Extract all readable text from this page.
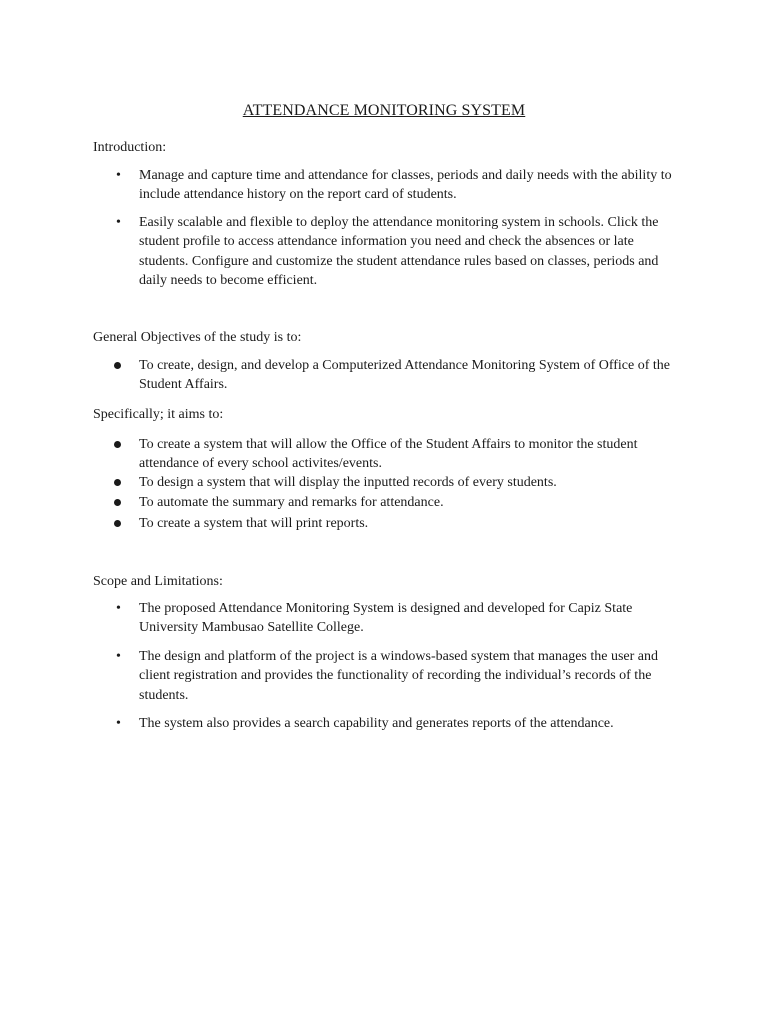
ATTENDANCE MONITORING SYSTEM
Introduction:
• Manage and capture time and attendance for classes, periods and daily needs with the ability to include attendance history on the report card of students.
• Easily scalable and flexible to deploy the attendance monitoring system in schools. Click the student profile to access attendance information you need and check the absences or late students. Configure and customize the student attendance rules based on classes, periods and daily needs to become efficient.
General Objectives of the study is to:
To create, design, and develop a Computerized Attendance Monitoring System of Office of the Student Affairs.
Specifically; it aims to:
To create a system that will allow the Office of the Student Affairs to monitor the student attendance of every school activites/events.
To design a system that will display the inputted records of every students.
To automate the summary and remarks for attendance.
To create a system that will print reports.
Scope and Limitations:
• The proposed Attendance Monitoring System is designed and developed for Capiz State University Mambusao Satellite College.
• The design and platform of the project is a windows-based system that manages the user and client registration and provides the functionality of recording the individual’s records of the students.
• The system also provides a search capability and generates reports of the attendance.
